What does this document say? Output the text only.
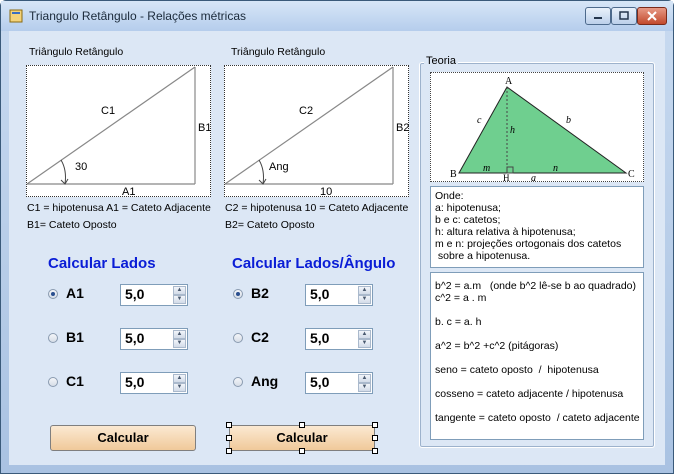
Triangulo Retângulo - Relações métricas
Triângulo Retângulo
C1
B1
30
A1
C1 = hipotenusa A1 = Cateto Adjacente
B1= Cateto Oposto
Triângulo Retângulo
C2
B2
Ang
10
C2 = hipotenusa 10 = Cateto Adjacente
B2= Cateto Oposto
Calcular Lados
A1	5,0	▲
▼
B1	5,0	▲
▼
C1	5,0	▲
▼
Calcular
Calcular Lados/Ângulo
B2	5,0	▲
▼
C2	5,0	▲
▼
Ang 5,0	▲
▼
Calcular
Teoria
A
B	C
H a
b
c
h
m	n
Onde:
a: hipotenusa;
b e c: catetos;
h: altura relativa à hipotenusa;
m e n: projeções ortogonais dos catetos
sobre a hipotenusa.
b^2 = a.m   (onde b^2 lê-se b ao quadrado)
c^2 = a . m
b. c = a. h
a^2 = b^2 +c^2 (pitágoras)
seno = cateto oposto  /  hipotenusa
cosseno = cateto adjacente / hipotenusa
tangente = cateto oposto  / cateto adjacente
